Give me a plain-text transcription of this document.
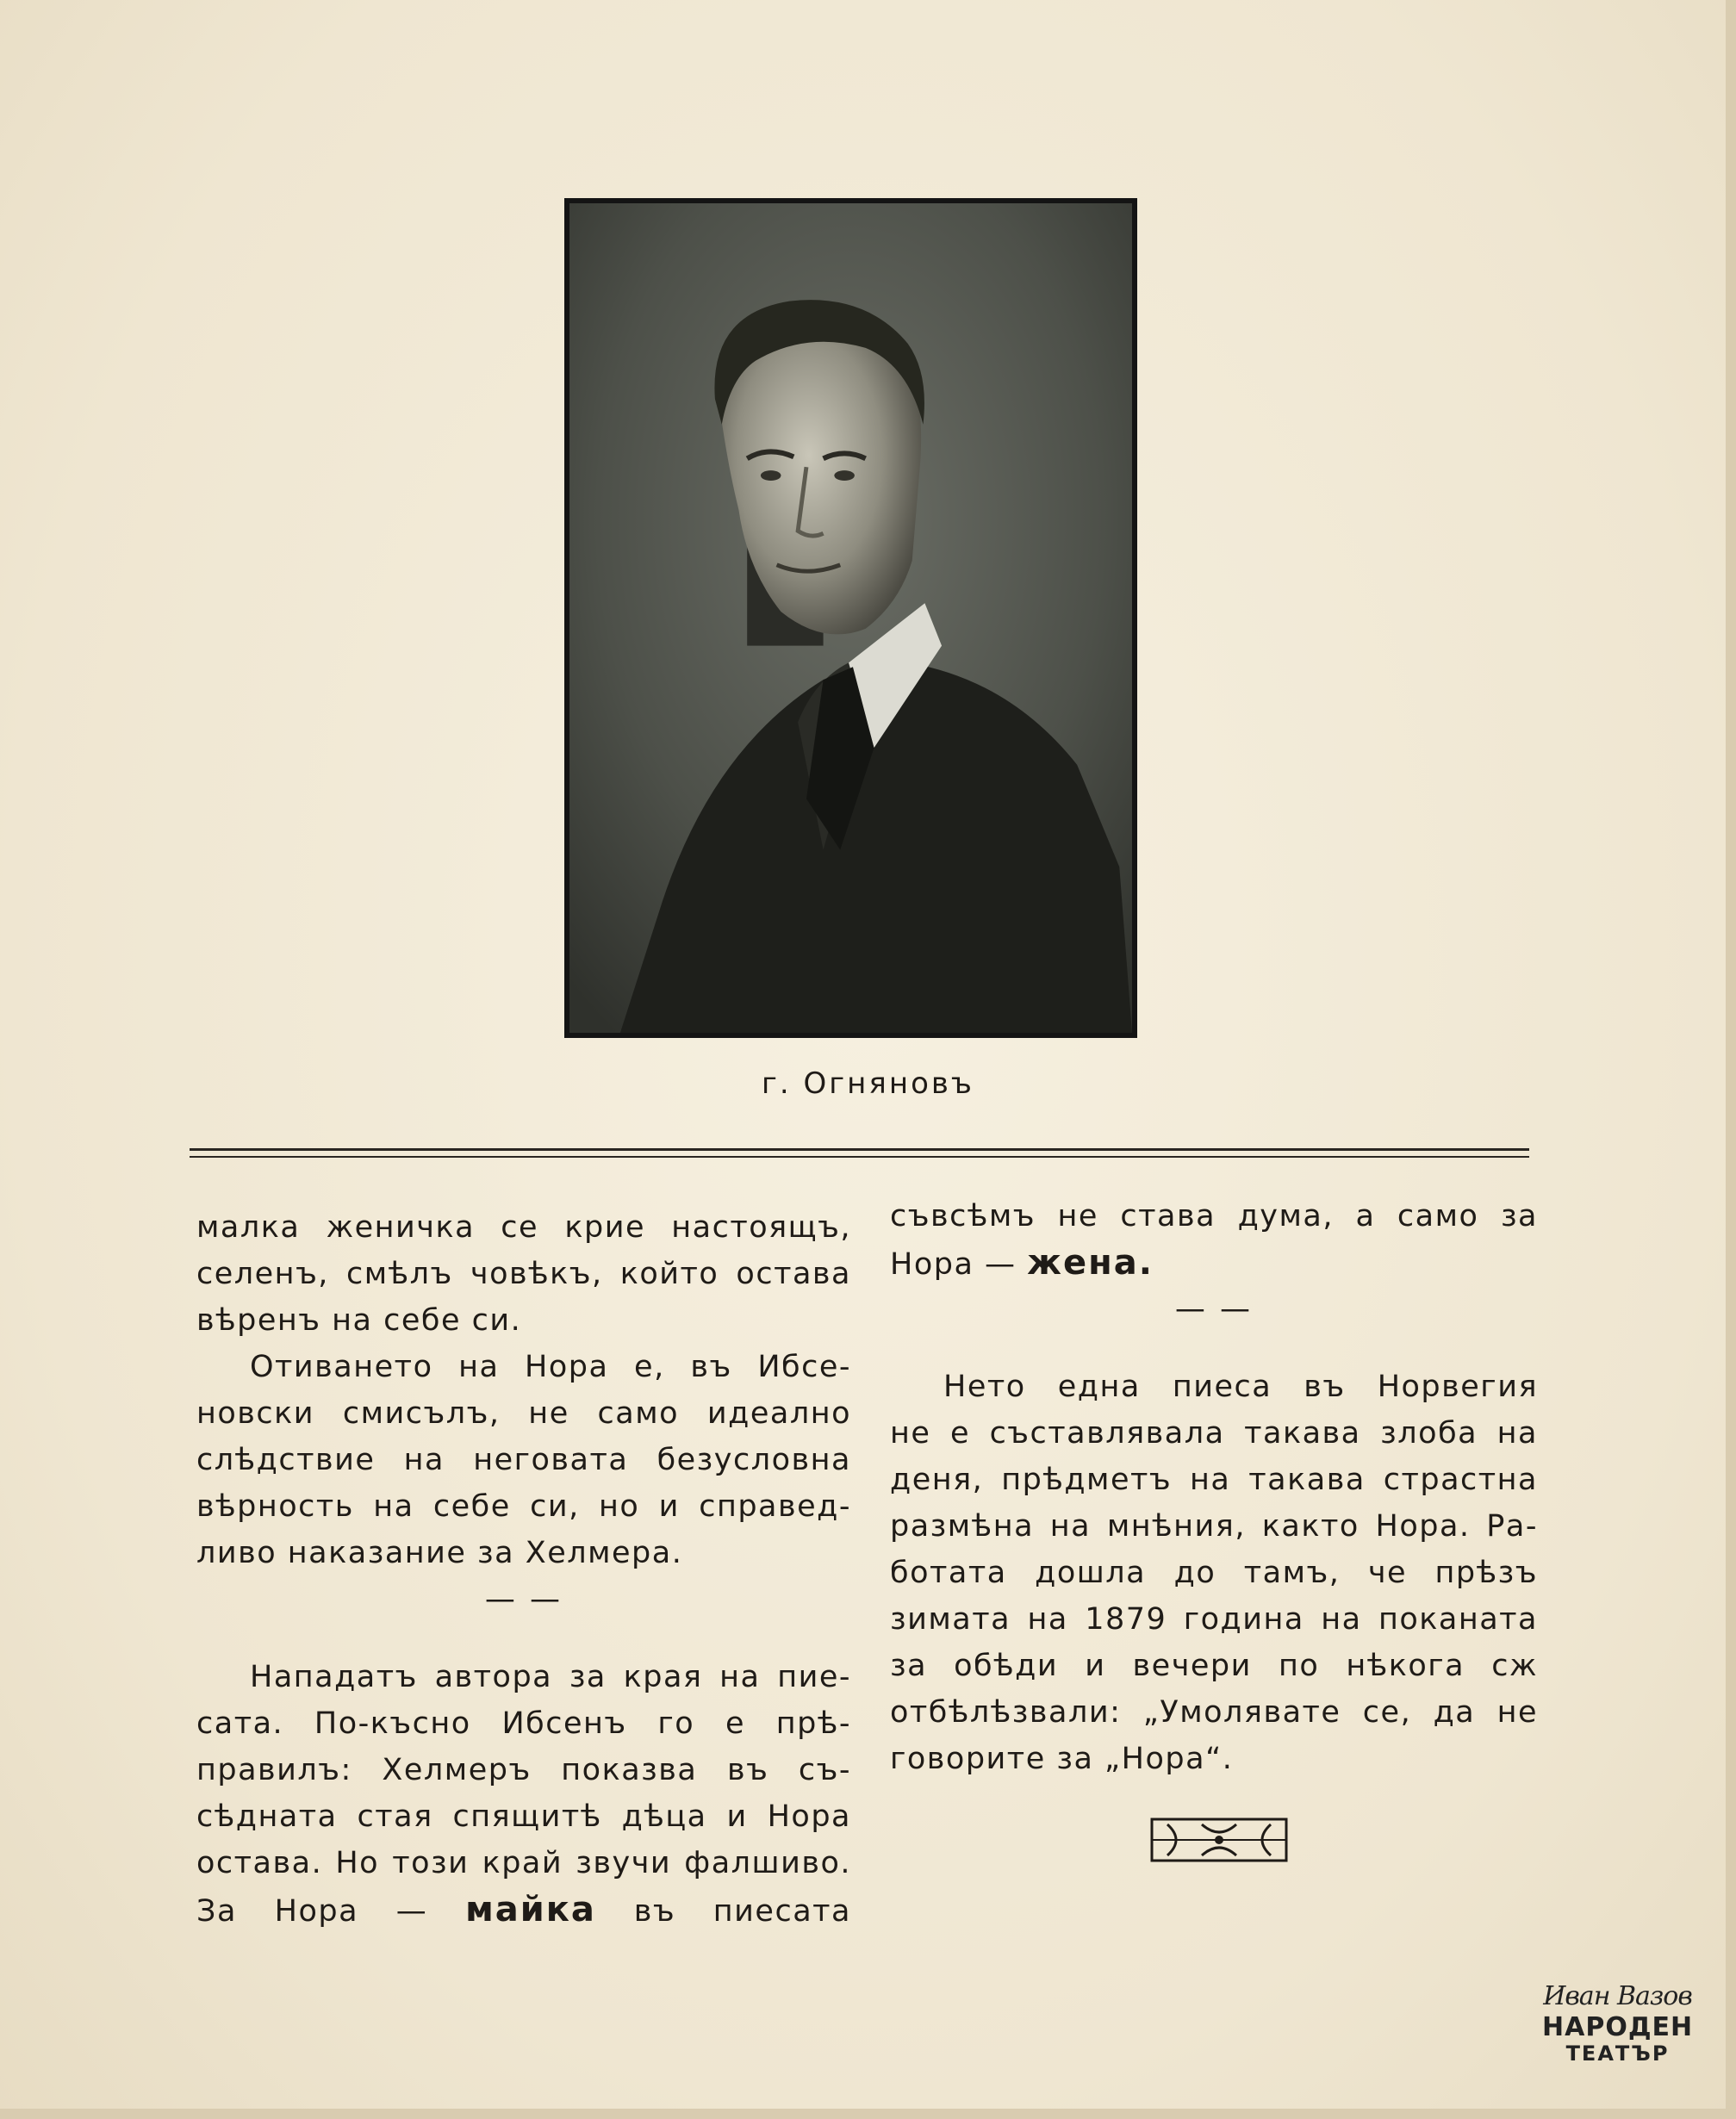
г. Огняновъ
малка женичка се крие настоящъ,
селенъ, смѣлъ човѣкъ, който остава
вѣренъ на себе си.
Отиването на Нора е, въ Ибсе-
новски смисълъ, не само идеално
слѣдствие на неговата безусловна
вѣрность на себе си, но и справед-
ливо наказание за Хелмера.
— —
Нападатъ автора за края на пие-
сата. По-късно Ибсенъ го е прѣ-
правилъ: Хелмеръ показва въ съ-
сѣдната стая спящитѣ дѣца и Нора
остава. Но този край звучи фалшиво.
За Нора — майка въ пиесата
съвсѣмъ не става дума, а само за
Нора — жена.
— —
Нето една пиеса въ Норвегия
не е съставлявала такава злоба на
деня, прѣдметъ на такава страстна
размѣна на мнѣния, както Нора. Ра-
ботата дошла до тамъ, че прѣзъ
зимата на 1879 година на поканата
за обѣди и вечери по нѣкога сж
отбѣлѣзвали: „Умолявате се, да не
говорите за „Нора“.
Иван Вазов
НАРОДЕН
ТЕАТЪР
